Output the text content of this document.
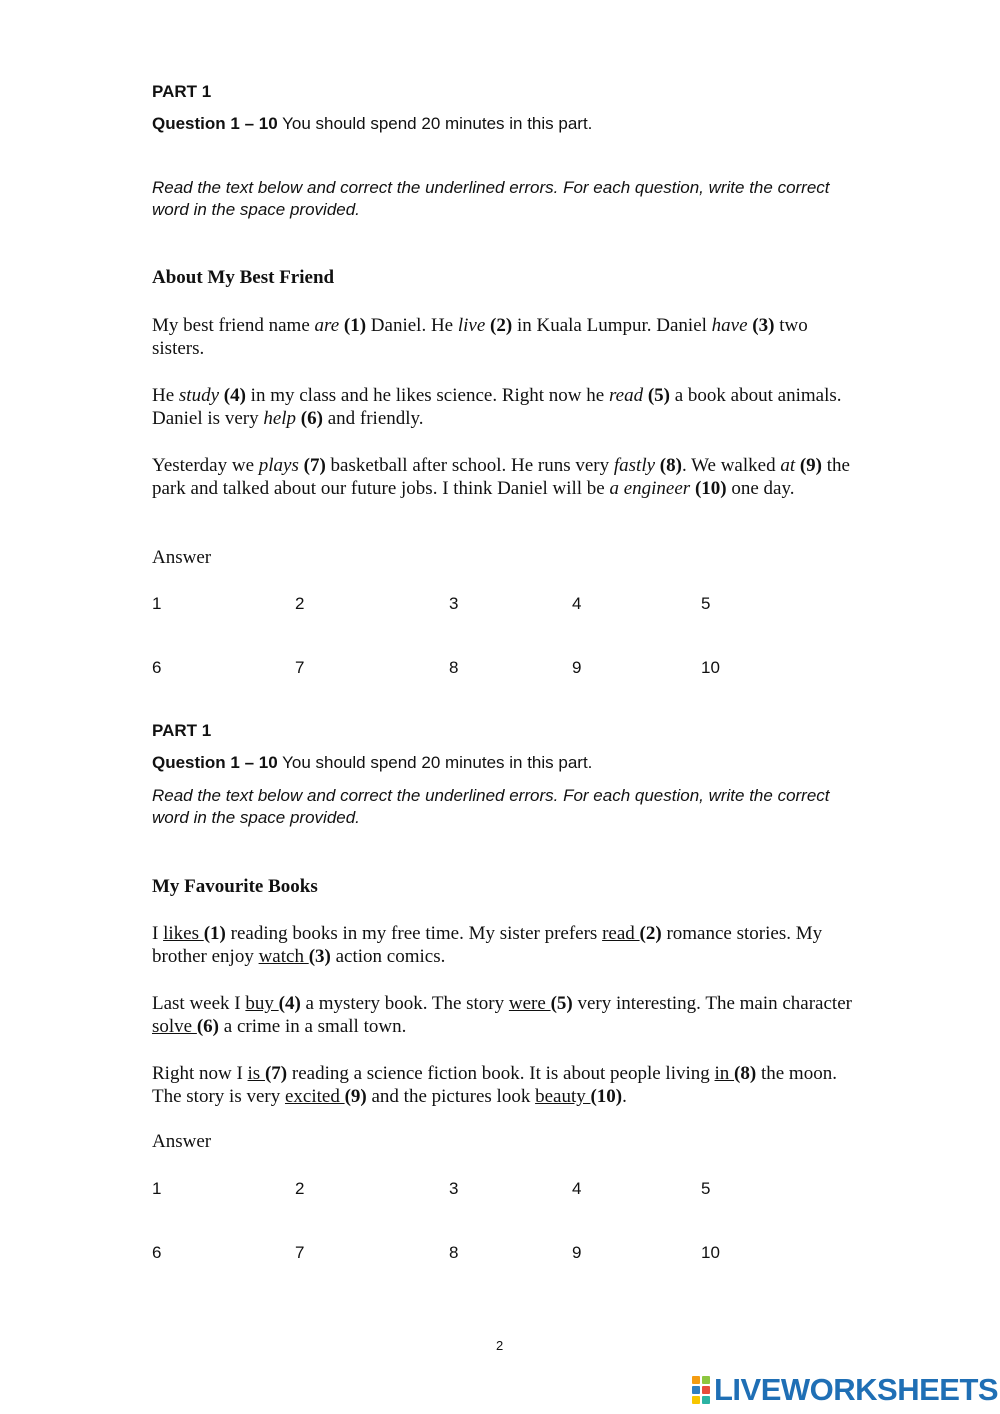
PART 1
Question 1 – 10 You should spend 20 minutes in this part.
Read the text below and correct the underlined errors. For each question, write the correct word in the space provided.
About My Best Friend
My best friend name are (1) Daniel. He live (2) in Kuala Lumpur. Daniel have (3) two sisters.
He study (4) in my class and he likes science. Right now he read (5) a book about animals. Daniel is very help (6) and friendly.
Yesterday we plays (7) basketball after school. He runs very fastly (8). We walked at (9) the park and talked about our future jobs. I think Daniel will be a engineer (10) one day.
Answer
1	2	3	4	5
6	7	8	9	10
PART 1
Question 1 – 10 You should spend 20 minutes in this part.
Read the text below and correct the underlined errors. For each question, write the correct word in the space provided.
My Favourite Books
I likes (1) reading books in my free time. My sister prefers read (2) romance stories. My brother enjoy watch (3) action comics.
Last week I buy (4) a mystery book. The story were (5) very interesting. The main character solve (6) a crime in a small town.
Right now I is (7) reading a science fiction book. It is about people living in (8) the moon. The story is very excited (9) and the pictures look beauty (10).
Answer
1	2	3	4	5
6	7	8	9	10
2
LIVEWORKSHEETS
